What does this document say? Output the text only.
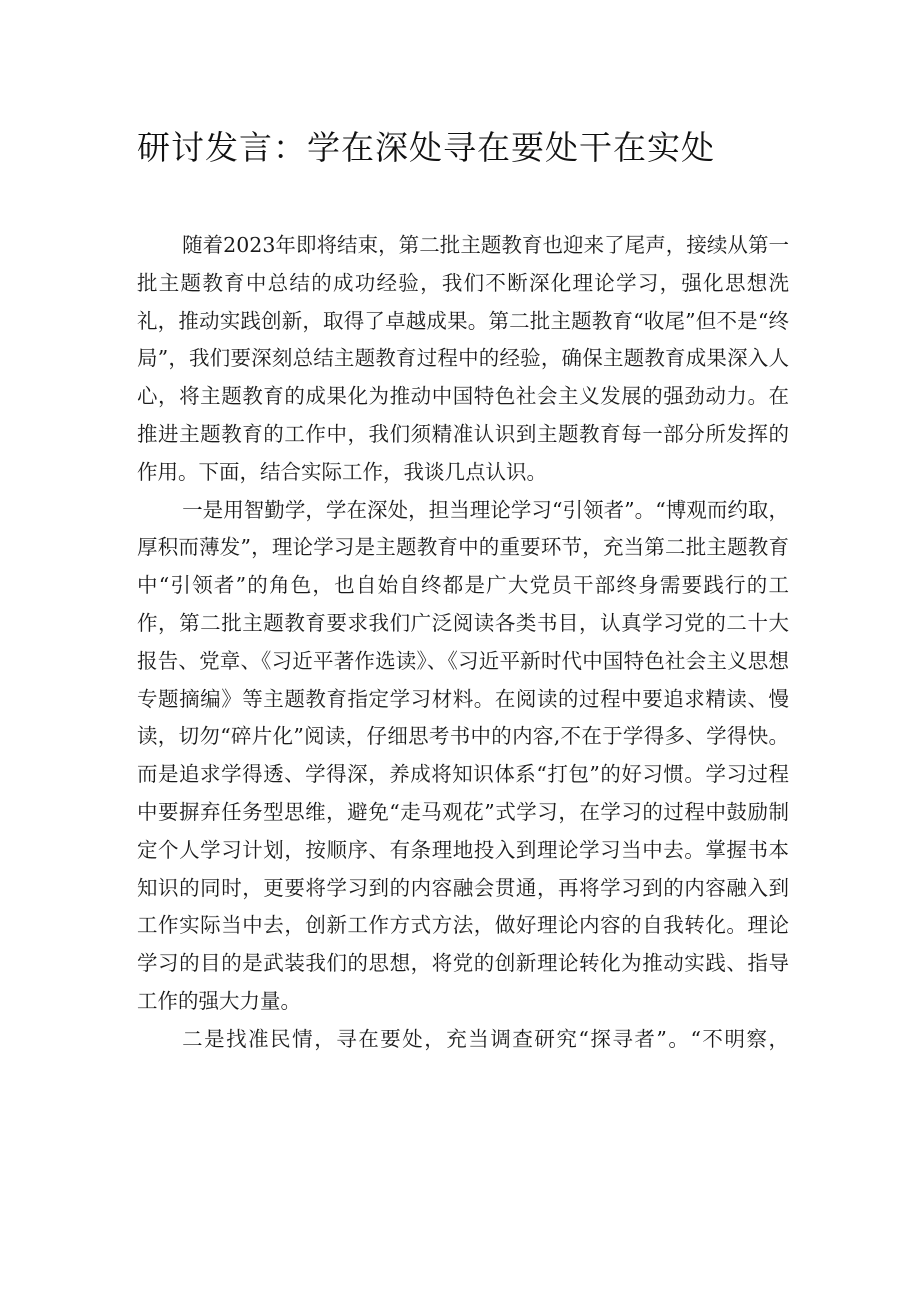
研讨发言：学在深处寻在要处干在实处

随着2023年即将结束，第二批主题教育也迎来了尾声，接续从第一批主题教育中总结的成功经验，我们不断深化理论学习，强化思想洗礼，推动实践创新，取得了卓越成果。第二批主题教育“收尾”但不是“终局”，我们要深刻总结主题教育过程中的经验，确保主题教育成果深入人心，将主题教育的成果化为推动中国特色社会主义发展的强劲动力。在推进主题教育的工作中，我们须精准认识到主题教育每一部分所发挥的作用。下面，结合实际工作，我谈几点认识。

一是用智勤学，学在深处，担当理论学习“引领者”。“博观而约取，厚积而薄发”，理论学习是主题教育中的重要环节，充当第二批主题教育中“引领者”的角色，也自始自终都是广大党员干部终身需要践行的工作，第二批主题教育要求我们广泛阅读各类书目，认真学习党的二十大报告、党章、《习近平著作选读》、《习近平新时代中国特色社会主义思想专题摘编》等主题教育指定学习材料。在阅读的过程中要追求精读、慢读，切勿“碎片化”阅读，仔细思考书中的内容,不在于学得多、学得快。而是追求学得透、学得深，养成将知识体系“打包”的好习惯。学习过程中要摒弃任务型思维，避免“走马观花”式学习，在学习的过程中鼓励制定个人学习计划，按顺序、有条理地投入到理论学习当中去。掌握书本知识的同时，更要将学习到的内容融会贯通，再将学习到的内容融入到工作实际当中去，创新工作方式方法，做好理论内容的自我转化。理论学习的目的是武装我们的思想，将党的创新理论转化为推动实践、指导工作的强大力量。

二是找准民情，寻在要处，充当调查研究“探寻者”。“不明察，
